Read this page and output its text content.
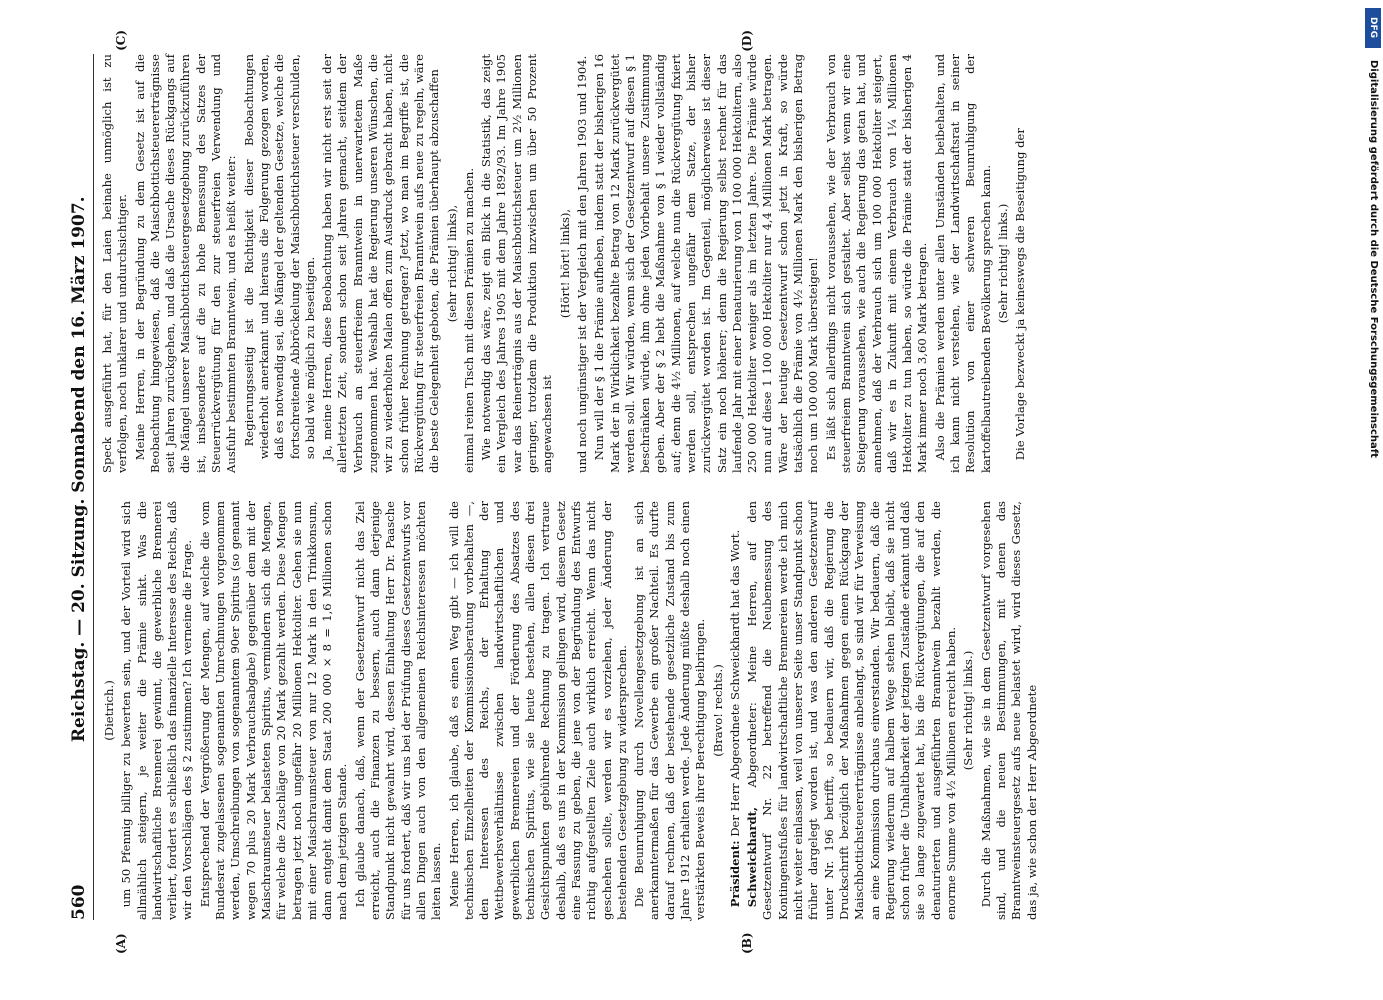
560
Reichstag. — 20. Sitzung. Sonnabend den 16. März 1907.
(A)	(B)
(Dietrich.) um 50 Pfennig billiger zu bewerten sein, und der Vorteil wird sich allmählich steigern, je weiter die Prämie sinkt. Was die landwirtschaftliche Brennerei gewinnt, die gewerbliche Brennerei verliert, fordert es schließlich das finanzielle Interesse des Reichs, daß wir den Vorschlägen des § 2 zustimmen? Ich verneine die Frage. Entsprechend der Vergrößerung der Mengen, auf welche die vom Bundesrat zugelassenen sogenannten Umrechnungen vorgenommen werden, Umschreibungen von sogenanntem 90er Spiritus (so genannt wegen 70 plus 20 Mark Verbrauchsabgabe) gegenüber dem mit der Maischraumsteuer belasteten Spiritus, vermindern sich die Mengen, für welche die Zuschläge von 20 Mark gezahlt werden. Diese Mengen betragen jetzt noch ungefähr 20 Millionen Hektoliter. Gehen sie nun mit einer Maischraumsteuer von nur 12 Mark in den Trinkkonsum, dann entgeht damit dem Staat 200 000 × 8 = 1,6 Millionen schon nach dem jetzigen Stande. Ich glaube danach, daß, wenn der Gesetzentwurf nicht das Ziel erreicht, auch die Finanzen zu bessern, auch dann derjenige Standpunkt nicht gewahrt wird, dessen Einhaltung Herr Dr. Paasche für uns fordert, daß wir uns bei der Prüfung dieses Gesetzentwurfs vor allen Dingen auch von den allgemeinen Reichsinteressen möchten leiten lassen. Meine Herren, ich glaube, daß es einen Weg gibt — ich will die technischen Einzelheiten der Kommissionsberatung vorbehalten —, den Interessen des Reichs, der Erhaltung der Wettbewerbsverhältnisse zwischen landwirtschaftlichen und gewerblichen Brennereien und der Förderung des Absatzes des technischen Spiritus, wie sie heute bestehen, allen diesen drei Gesichtspunkten gebührende Rechnung zu tragen. Ich vertraue deshalb, daß es uns in der Kommission gelingen wird, diesem Gesetz eine Fassung zu geben, die jene von der Begründung des Entwurfs richtig aufgestellten Ziele auch wirklich erreicht. Wenn das nicht geschehen sollte, werden wir es vorziehen, jeder Änderung der bestehenden Gesetzgebung zu widersprechen. Die Beunruhigung durch Novellengesetzgebung ist an sich anerkanntermaßen für das Gewerbe ein großer Nachteil. Es durfte darauf rechnen, daß der bestehende gesetzliche Zustand bis zum Jahre 1912 erhalten werde. Jede Änderung müßte deshalb noch einen verstärkten Beweis ihrer Berechtigung beibringen. (Bravo! rechts.)

Präsident: Der Herr Abgeordnete Schweickhardt hat das Wort.

Schweickhardt, Abgeordneter: Meine Herren, auf den Gesetzentwurf Nr. 22 betreffend die Neubemessung des Kontingentsfußes für landwirtschaftliche Brennereien werde ich mich nicht weiter einlassen, weil von unserer Seite unser Standpunkt schon früher dargelegt worden ist, und was den anderen Gesetzentwurf unter Nr. 196 betrifft, so bedauern wir, daß die Regierung die Druckschrift bezüglich der Maßnahmen gegen einen Rückgang der Maischbottichsteuererträgnisse anbelangt, so sind wir für Verweisung an eine Kommission durchaus einverstanden. Wir bedauern, daß die Regierung wiederum auf halbem Wege stehen bleibt, daß sie nicht schon früher die Unhaltbarkeit der jetzigen Zustände erkannt und daß sie so lange zugewartet hat, bis die Rückvergütungen, die auf den denaturierten und ausgeführten Branntwein bezahlt werden, die enorme Summe von 4½ Millionen erreicht haben. (Sehr richtig! links.) Durch die Maßnahmen, wie sie in dem Gesetzentwurf vorgesehen sind, und die neuen Bestimmungen, mit denen das Branntweinsteuergesetz aufs neue belastet wird, wird dieses Gesetz, das ja, wie schon der Herr Abgeordnete

(C)	(D)

Speck ausgeführt hat, für den Laien beinahe unmöglich ist zu verfolgen, noch unklarer und undurchsichtiger. Meine Herren, in der Begründung zu dem Gesetz ist auf die Beobachtung hingewiesen, daß die Maischbottichsteuererträgnisse seit Jahren zurückgehen, und daß die Ursache dieses Rückgangs auf die Mängel unserer Maischbottichsteuergesetzgebung zurückzuführen ist, insbesondere auf die zu hohe Bemessung des Satzes der Steuerrückvergütung für den zur steuerfreien Verwendung und Ausfuhr bestimmten Branntwein, und es heißt weiter: Regierungsseitig ist die Richtigkeit dieser Beobachtungen wiederholt anerkannt und hieraus die Folgerung gezogen worden, daß es notwendig sei, die Mängel der geltenden Gesetze, welche die fortschreitende Abbröckelung der Maischbottichsteuer verschulden, so bald wie möglich zu beseitigen. Ja, meine Herren, diese Beobachtung haben wir nicht erst seit der allerletzten Zeit, sondern schon seit Jahren gemacht, seitdem der Verbrauch an steuerfreiem Branntwein in unerwartetem Maße zugenommen hat. Weshalb hat die Regierung unseren Wünschen, die wir zu wiederholten Malen offen zum Ausdruck gebracht haben, nicht schon früher Rechnung getragen? Jetzt, wo man im Begriffe ist, die Rückvergütung für steuerfreien Branntwein aufs neue zu regeln, wäre die beste Gelegenheit geboten, die Prämien überhaupt abzuschaffen (sehr richtig! links), einmal reinen Tisch mit diesen Prämien zu machen. Wie notwendig das wäre, zeigt ein Blick in die Statistik, das zeigt ein Vergleich des Jahres 1905 mit dem Jahre 1892/93. Im Jahre 1905 war das Reinerträgnis aus der Maischbottichsteuer um 2½ Millionen geringer, trotzdem die Produktion inzwischen um über 50 Prozent angewachsen ist

(Hört! hört! links), und noch ungünstiger ist der Vergleich mit den Jahren 1903 und 1904. Nun will der § 1 die Prämie aufheben, indem statt der bisherigen 16 Mark der in Wirklichkeit bezahlte Betrag von 12 Mark zurückvergütet werden soll. Wir würden, wenn sich der Gesetzentwurf auf diesen § 1 beschränken würde, ihm ohne jeden Vorbehalt unsere Zustimmung geben. Aber der § 2 hebt die Maßnahme von § 1 wieder vollständig auf; denn die 4½ Millionen, auf welche nun die Rückvergütung fixiert werden soll, entsprechen ungefähr dem Satze, der bisher zurückvergütet worden ist. Im Gegenteil, möglicherweise ist dieser Satz ein noch höherer; denn die Regierung selbst rechnet für das laufende Jahr mit einer Denaturierung von 1 100 000 Hektolitern, also 250 000 Hektoliter weniger als im letzten Jahre. Die Prämie würde nun auf diese 1 100 000 Hektoliter nur 4,4 Millionen Mark betragen. Wäre der heutige Gesetzentwurf schon jetzt in Kraft, so würde tatsächlich die Prämie von 4½ Millionen Mark den bisherigen Betrag noch um 100 000 Mark übersteigen! Es läßt sich allerdings nicht voraussehen, wie der Verbrauch von steuerfreiem Branntwein sich gestaltet. Aber selbst wenn wir eine Steigerung voraussehen, wie auch die Regierung das getan hat, und annehmen, daß der Verbrauch sich um 100 000 Hektoliter steigert, daß wir es in Zukunft mit einem Verbrauch von 1¼ Millionen Hektoliter zu tun haben, so würde die Prämie statt der bisherigen 4 Mark immer noch 3,60 Mark betragen. Also die Prämien werden unter allen Umständen beibehalten, und ich kann nicht verstehen, wie der Landwirtschaftsrat in seiner Resolution von einer schweren Beunruhigung der kartoffelbautreibenden Bevölkerung sprechen kann. (Sehr richtig! links.) Die Vorlage bezweckt ja keineswegs die Beseitigung der	Digitalisierung gefördert durch die Deutsche Forschungsgemeinschaft
DFG
